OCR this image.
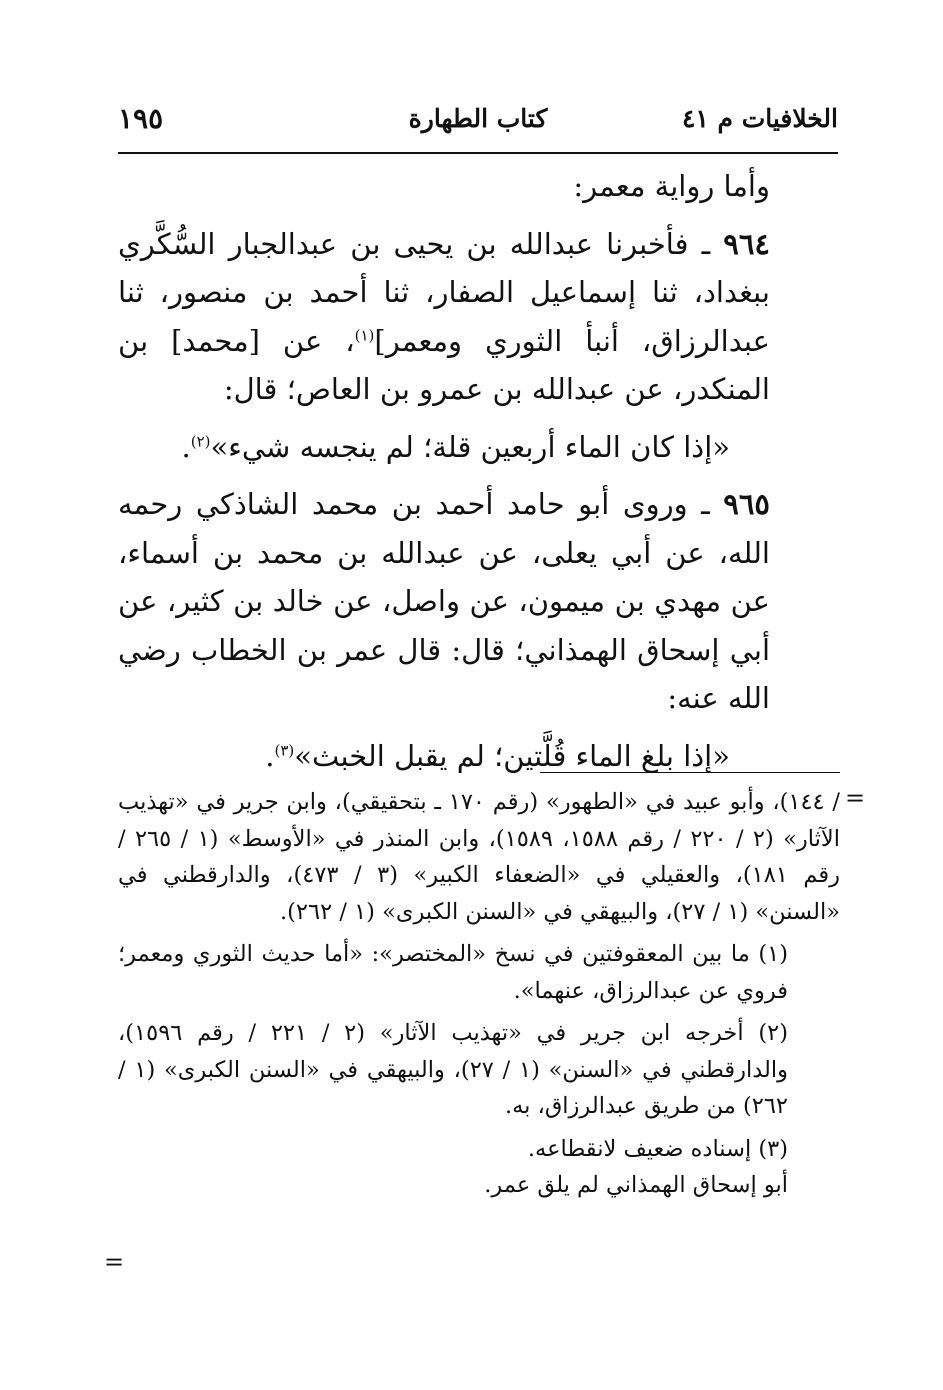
الخلافيات م ٤١
كتاب الطهارة
١٩٥

وأما رواية معمر:

٩٦٤ ـ فأخبرنا عبدالله بن يحيى بن عبدالجبار السُّكَّري ببغداد، ثنا إسماعيل الصفار، ثنا أحمد بن منصور، ثنا عبدالرزاق، أنبأ الثوري ومعمر]$^{(١)}$، عن [محمد] بن المنكدر، عن عبدالله بن عمرو بن العاص؛ قال:

«إذا كان الماء أربعين قلة؛ لم ينجسه شيء»$^{(٢)}$.

٩٦٥ ـ وروى أبو حامد أحمد بن محمد الشاذكي رحمه الله، عن أبي يعلى، عن عبدالله بن محمد بن أسماء، عن مهدي بن ميمون، عن واصل، عن خالد بن كثير، عن أبي إسحاق الهمذاني؛ قال: قال عمر بن الخطاب رضي الله عنه:

«إذا بلغ الماء قُلَّتين؛ لم يقبل الخبث»$^{(٣)}$.

=

/ ١٤٤)، وأبو عبيد في «الطهور» (رقم ١٧٠ ـ بتحقيقي)، وابن جرير في «تهذيب الآثار» (٢ / ٢٢٠ / رقم ١٥٨٨، ١٥٨٩)، وابن المنذر في «الأوسط» (١ / ٢٦٥ / رقم ١٨١)، والعقيلي في «الضعفاء الكبير» (٣ / ٤٧٣)، والدارقطني في «السنن» (١ / ٢٧)، والبيهقي في «السنن الكبرى» (١ / ٢٦٢).

(١) ما بين المعقوفتين في نسخ «المختصر»: «أما حديث الثوري ومعمر؛ فروي عن عبدالرزاق، عنهما».

(٢) أخرجه ابن جرير في «تهذيب الآثار» (٢ / ٢٢١ / رقم ١٥٩٦)، والدارقطني في «السنن» (١ / ٢٧)، والبيهقي في «السنن الكبرى» (١ / ٢٦٢) من طريق عبدالرزاق، به.

(٣) إسناده ضعيف لانقطاعه.

أبو إسحاق الهمذاني لم يلق عمر.

=
